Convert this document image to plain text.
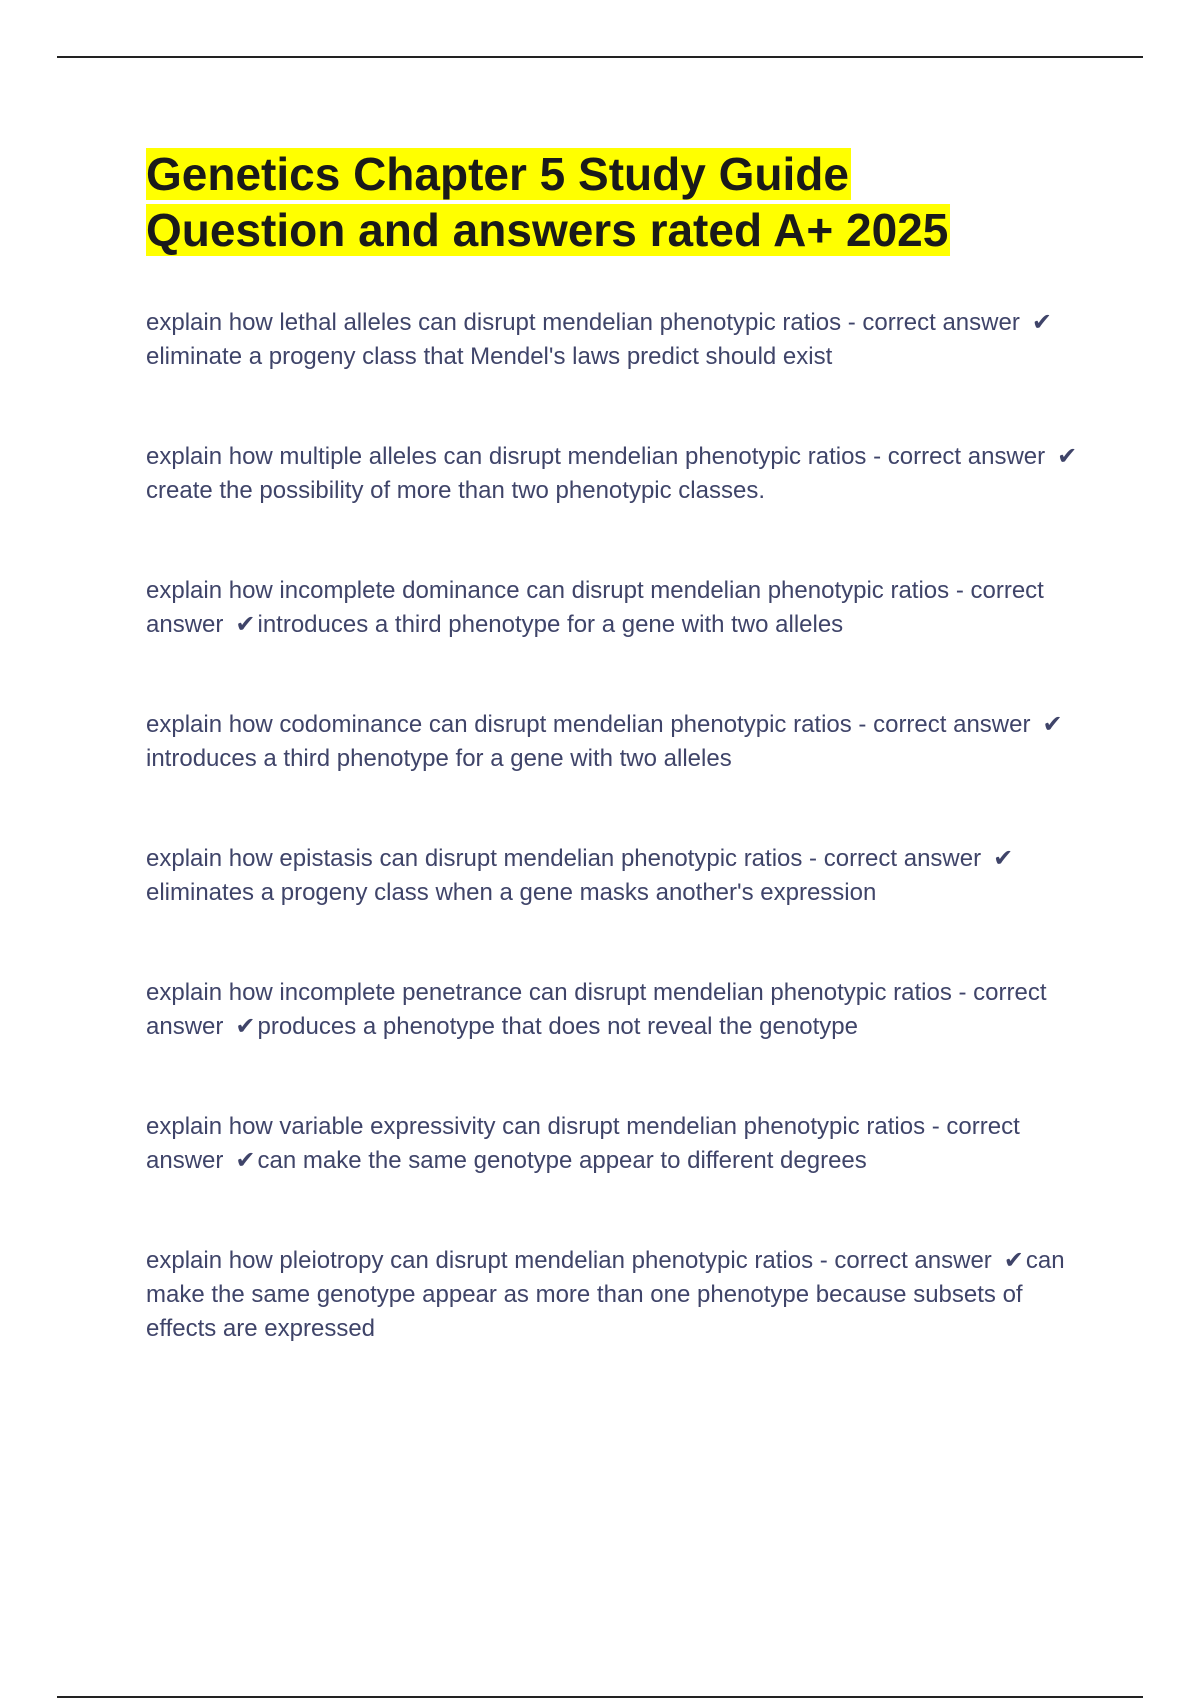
Genetics Chapter 5 Study Guide
Question and answers rated A+ 2025

explain how lethal alleles can disrupt mendelian phenotypic ratios - correct answer ✔eliminate a progeny class that Mendel's laws predict should exist

explain how multiple alleles can disrupt mendelian phenotypic ratios - correct answer ✔create the possibility of more than two phenotypic classes.

explain how incomplete dominance can disrupt mendelian phenotypic ratios - correct answer ✔introduces a third phenotype for a gene with two alleles

explain how codominance can disrupt mendelian phenotypic ratios - correct answer ✔introduces a third phenotype for a gene with two alleles

explain how epistasis can disrupt mendelian phenotypic ratios - correct answer ✔eliminates a progeny class when a gene masks another's expression

explain how incomplete penetrance can disrupt mendelian phenotypic ratios - correct answer ✔produces a phenotype that does not reveal the genotype

explain how variable expressivity can disrupt mendelian phenotypic ratios - correct answer ✔can make the same genotype appear to different degrees

explain how pleiotropy can disrupt mendelian phenotypic ratios - correct answer ✔can make the same genotype appear as more than one phenotype because subsets of effects are expressed
